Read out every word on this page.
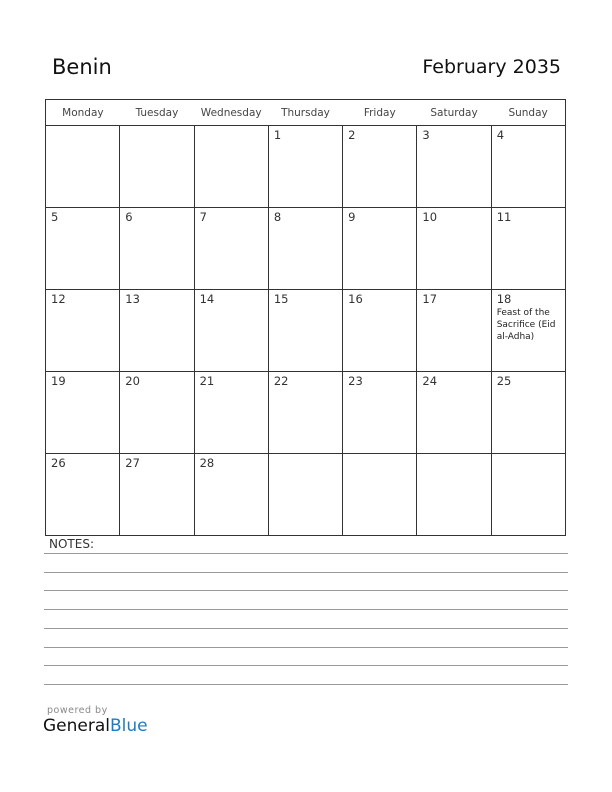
Benin	February 2035
Monday	Tuesday	Wednesday	Thursday	Friday	Saturday	Sunday

			1	2	3	4

5	6	7	8	9	10	11

12	13	14	15	16	17	18
Feast of the Sacrifice (Eid al-Adha)

19	20	21	22	23	24	25

26	27	28				

NOTES:
powered by
GeneralBlue
